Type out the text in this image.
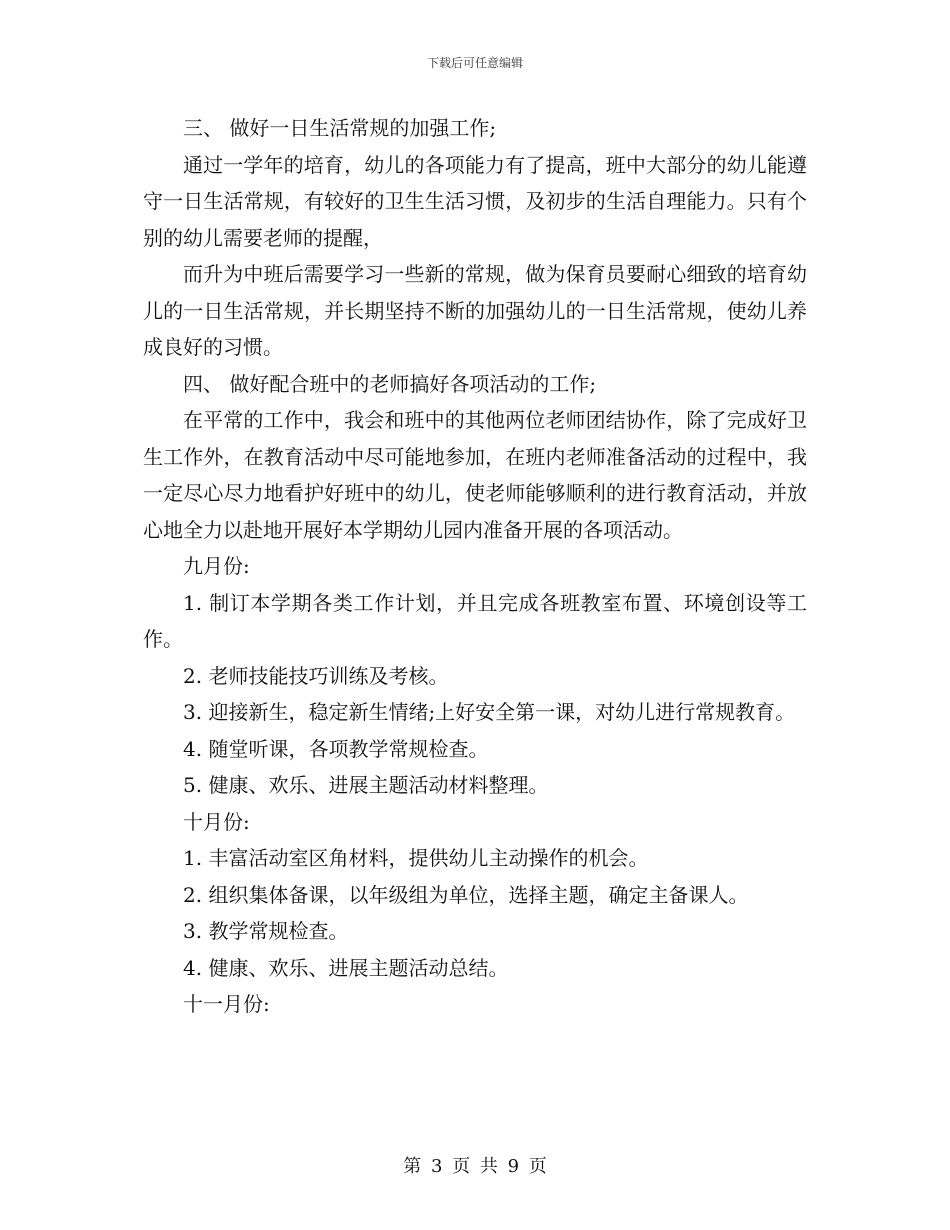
下载后可任意编辑

三、 做好一日生活常规的加强工作;

通过一学年的培育，幼儿的各项能力有了提高，班中大部分的幼儿能遵守一日生活常规，有较好的卫生生活习惯，及初步的生活自理能力。只有个别的幼儿需要老师的提醒，

而升为中班后需要学习一些新的常规，做为保育员要耐心细致的培育幼儿的一日生活常规，并长期坚持不断的加强幼儿的一日生活常规，使幼儿养成良好的习惯。

四、 做好配合班中的老师搞好各项活动的工作;

在平常的工作中，我会和班中的其他两位老师团结协作，除了完成好卫生工作外，在教育活动中尽可能地参加，在班内老师准备活动的过程中，我一定尽心尽力地看护好班中的幼儿，使老师能够顺利的进行教育活动，并放心地全力以赴地开展好本学期幼儿园内准备开展的各项活动。

九月份:

1. 制订本学期各类工作计划，并且完成各班教室布置、环境创设等工作。

2. 老师技能技巧训练及考核。

3. 迎接新生，稳定新生情绪;上好安全第一课，对幼儿进行常规教育。

4. 随堂听课，各项教学常规检查。

5. 健康、欢乐、进展主题活动材料整理。

十月份:

1. 丰富活动室区角材料，提供幼儿主动操作的机会。

2. 组织集体备课，以年级组为单位，选择主题，确定主备课人。

3. 教学常规检查。

4. 健康、欢乐、进展主题活动总结。

十一月份:

第 3 页 共 9 页
